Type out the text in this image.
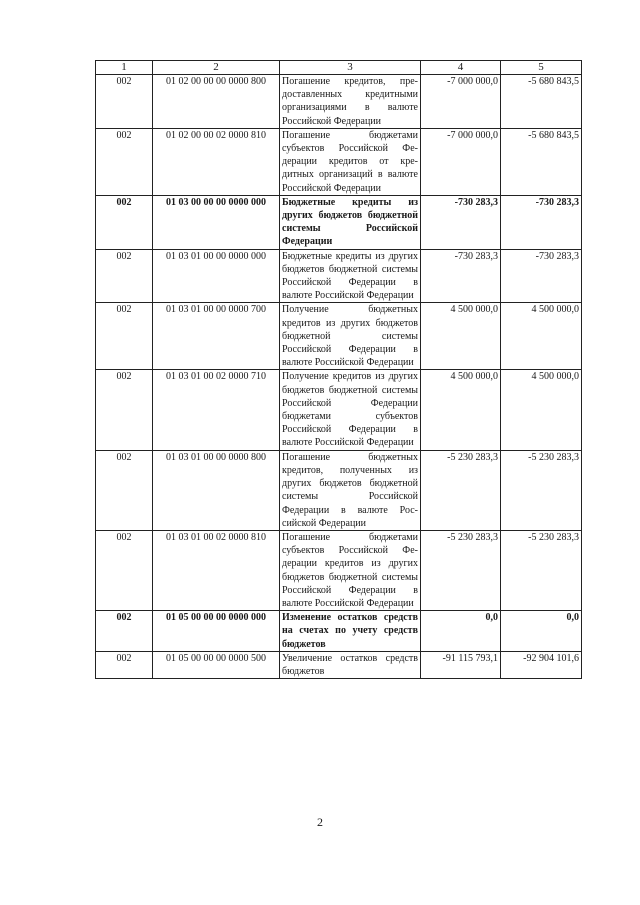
1	2	3	4	5
002	01 02 00 00 00 0000 800	Погашение кредитов, предоставленных кредитными организациями в валюте Российской Федерации	-7 000 000,0	-5 680 843,5
002	01 02 00 00 02 0000 810	Погашение бюджетами субъектов Российской Федерации кредитов от кредитных организаций в валюте Российской Федерации	-7 000 000,0	-5 680 843,5
002	01 03 00 00 00 0000 000	Бюджетные кредиты из других бюджетов бюджетной системы Российской Федерации	-730 283,3	-730 283,3
002	01 03 01 00 00 0000 000	Бюджетные кредиты из других бюджетов бюджетной системы Российской Федерации в валюте Российской Федерации	-730 283,3	-730 283,3
002	01 03 01 00 00 0000 700	Получение бюджетных кредитов из других бюджетов бюджетной системы Российской Федерации в валюте Российской Федерации	4 500 000,0	4 500 000,0
002	01 03 01 00 02 0000 710	Получение кредитов из других бюджетов бюджетной системы Российской Федерации бюджетами субъектов Российской Федерации в валюте Российской Федерации	4 500 000,0	4 500 000,0
002	01 03 01 00 00 0000 800	Погашение бюджетных кредитов, полученных из других бюджетов бюджетной системы Российской Федерации в валюте Российской Федерации	-5 230 283,3	-5 230 283,3
002	01 03 01 00 02 0000 810	Погашение бюджетами субъектов Российской Федерации кредитов из других бюджетов бюджетной системы Российской Федерации в валюте Российской Федерации	-5 230 283,3	-5 230 283,3
002	01 05 00 00 00 0000 000	Изменение остатков средств на счетах по учету средств бюджетов	0,0	0,0
002	01 05 00 00 00 0000 500	Увеличение остатков средств бюджетов	-91 115 793,1	-92 904 101,6
2
